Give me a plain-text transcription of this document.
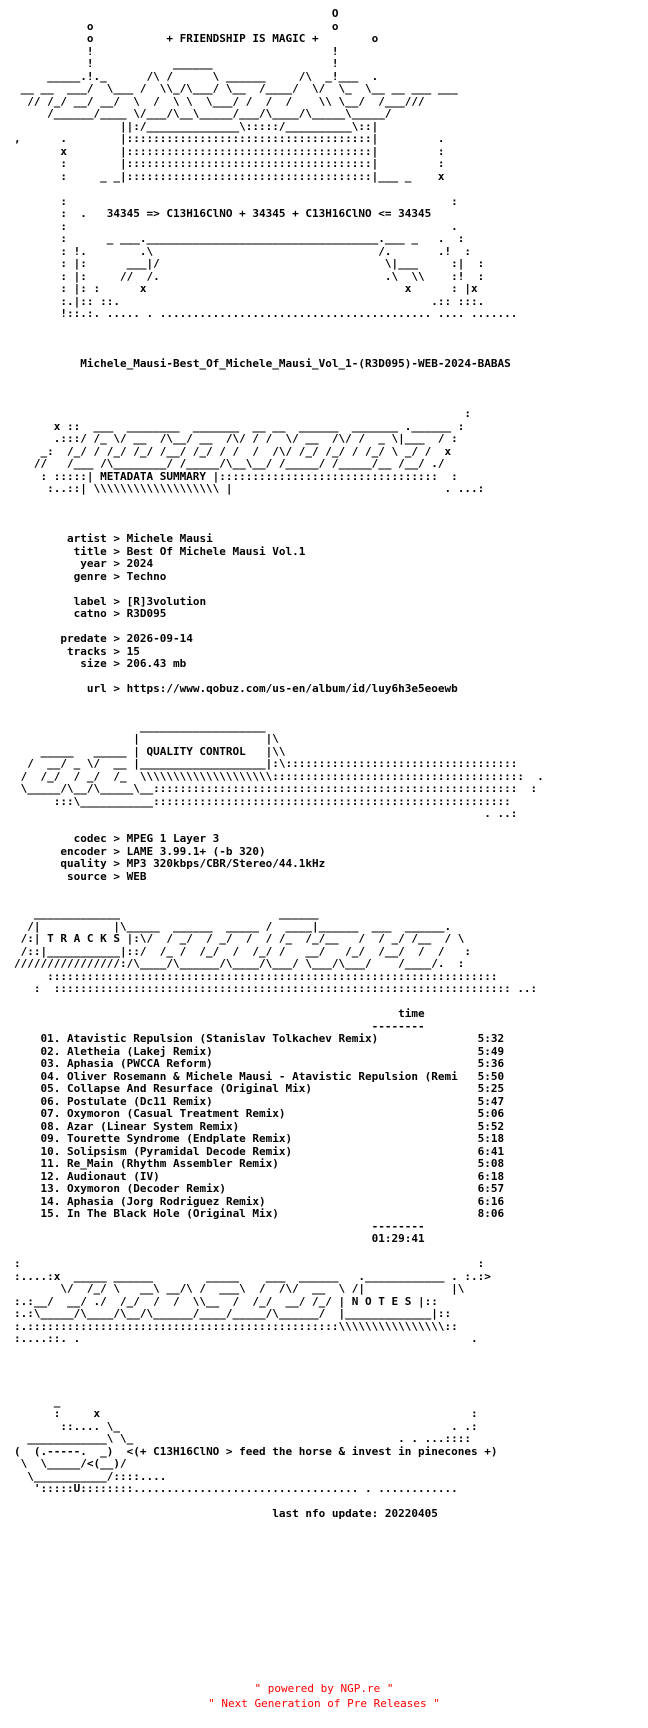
O
o                                    o
o           + FRIENDSHIP IS MAGIC +        o
!                                    !
!            ______                  !
_____.!._      /\ /      \ ______     /\  _!___  .
__ __  ___/  \___ /  \\_/\___/ \__  /____/  \/  \_  \__ __ ___ ___
// /_/ __/ __/  \  /  \ \  \___/ /  /  /    \\ \__/  /___///
/______/____ \/___/\__\_____/___/\____/\_____\_____/
||:/______________\:::::/__________\::|
,      .        |:::::::::::::::::::::::::::::::::::::|         .
x        |:::::::::::::::::::::::::::::::::::::|         :
:        |:::::::::::::::::::::::::::::::::::::|         :
:     _ _|:::::::::::::::::::::::::::::::::::::|___ _    x

:                                                          :
:  .   34345 => C13H16ClNO + 34345 + C13H16ClNO <= 34345
:                                                          .
:      _ ___.___________________________________.___ _   .  :
: !.        .\                                  /.       .!  :
: |:      ___|/                                  \|___     :|  :
: |:     //  /.                                  .\  \\    :!  :
: |: :      x                                       x      : |x
:.|:: ::.                                               .:: :::.
!::.:. ..... . ......................................... .... .......

Michele_Mausi-Best_Of_Michele_Mausi_Vol_1-(R3D095)-WEB-2024-BABAS

:
x ::  ___  ________  _______  __ __  ______  _______ .______ :
.:::/ /_ \/ __  /\__/ __  /\/ / /  \/ __  /\/ /  _ \|___  / :
_:  /_/ / /_/ /_/ /__/ /_/ / /  /  /\/ /_/ /_/ / /_/ \ _/ /  x
//   /___ /\________/ /_____/\__\__/ /_____/ /_____/__ /__/ ./
: :::::| METADATA SUMMARY |:::::::::::::::::::::::::::::::::  :
:..::| \\\\\\\\\\\\\\\\\\\ |                                . ...:

artist > Michele Mausi
title > Best Of Michele Mausi Vol.1
year > 2024
genre > Techno

label > [R]3volution
catno > R3D095

predate > 2026-09-14
tracks > 15
size > 206.43 mb

url > https://www.qobuz.com/us-en/album/id/luy6h3e5eoewb

___________________
|                   |\
_____   _____ | QUALITY CONTROL   |\\
/  __/ _ \/  __ |___________________|:\:::::::::::::::::::::::::::::::::::
/  /_/  / _/  /_  \\\\\\\\\\\\\\\\\\\\::::::::::::::::::::::::::::::::::::::  .
\_____/\__/\_____\__:::::::::::::::::::::::::::::::::::::::::::::::::::::::  :
:::\___________::::::::::::::::::::::::::::::::::::::::::::::::::::::
. ..:

codec > MPEG 1 Layer 3
encoder > LAME 3.99.1+ (-b 320)
quality > MP3 320kbps/CBR/Stereo/44.1kHz
source > WEB

_____________                        ______
/|           |\_____  ______  _____ /  ____|______  ___  ______.
/:| T R A C K S |:\/  / _/  / _/  /  / /_  /_/__   /  / _/ /__  / \
/::|___________|::/  /_ /  /_/  /  /_/ /   __/   /_/  /__/  /  /   :
////////////////:/\____/\______/\____/\___/ \___/\___/    /____/.  :
::::::::::::::::::::::::::::::::::::::::::::::::::::::::::::::::::::
:  ::::::::::::::::::::::::::::::::::::::::::::::::::::::::::::::::::::: ..:

time
--------
01. Atavistic Repulsion (Stanislav Tolkachev Remix)               5:32
02. Aletheia (Lakej Remix)                                        5:49
03. Aphasia (PWCCA Reform)                                        5:36
04. Oliver Rosemann & Michele Mausi - Atavistic Repulsion (Remi   5:50
05. Collapse And Resurface (Original Mix)                         5:25
06. Postulate (Dc11 Remix)                                        5:47
07. Oxymoron (Casual Treatment Remix)                             5:06
08. Azar (Linear System Remix)                                    5:52
09. Tourette Syndrome (Endplate Remix)                            5:18
10. Solipsism (Pyramidal Decode Remix)                            6:41
11. Re_Main (Rhythm Assembler Remix)                              5:08
12. Audionaut (IV)                                                6:18
13. Oxymoron (Decoder Remix)                                      6:57
14. Aphasia (Jorg Rodriguez Remix)                                6:16
15. In The Black Hole (Original Mix)                              8:06
--------
01:29:41

:                                                                     :
:....:x  _____ ______        _____    ___  ______   .____________ . :.:>
\/  /_/ \   __\ __/\ /  ___\  /  /\/  __  \ /|             |\
:.:__/  __/ ./  /_/  /  /  \\__  /  /_/  __/ /_/ | N O T E S |::
:.:\_____/\____/\__/\______/____/_____/\______/  |_____________|::
:.:::::::::::::::::::::::::::::::::::::::::::::::\\\\\\\\\\\\\\\\::
:....::. .                                                           .

_
:     x                                                        :
::.... \_                                                  . .:
____________\ \_                                        . . ...::::
(  (.-----.  _)  <(+ C13H16ClNO > feed the horse & invest in pinecones +)
\  \_____/<(__)/
\___________/::::....
':::::U::::::::.................................. . ............

last nfo update: 20220405

" powered by NGP.re "
" Next Generation of Pre Releases "
